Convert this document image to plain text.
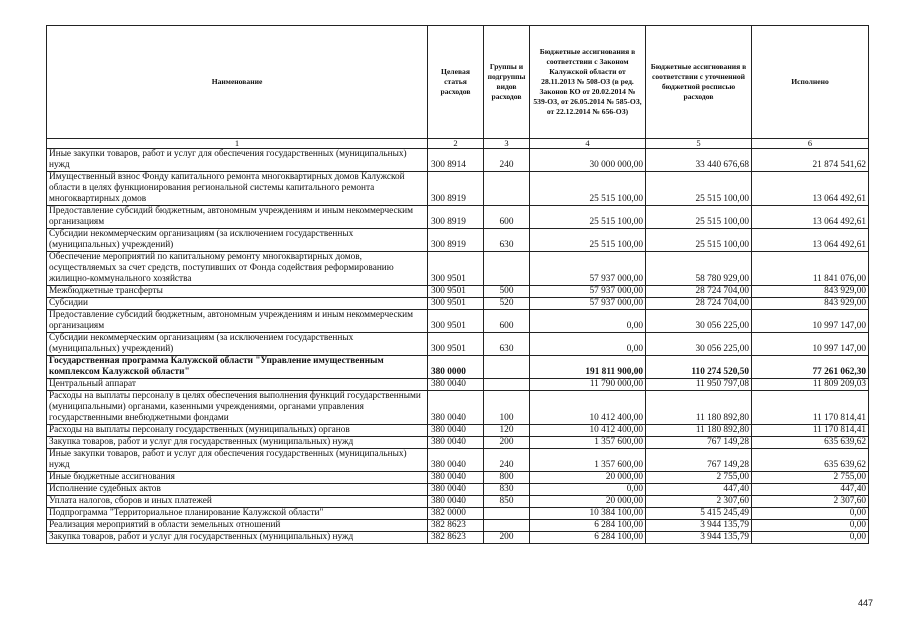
Наименование	Целевая статья расходов	Группы и подгруппы видов расходов	Бюджетные ассигнования в соответствии с Законом Калужской области от 28.11.2013 № 508-ОЗ (в ред. Законов КО от 20.02.2014 № 539-ОЗ, от 26.05.2014 № 585-ОЗ, от 22.12.2014 № 656-ОЗ)	Бюджетные ассигнования в соответствии с уточненной бюджетной росписью расходов	Исполнено
1	2	3	4	5	6
Иные закупки товаров, работ и услуг для обеспечения государственных (муниципальных) нужд	300 8914	240	30 000 000,00	33 440 676,68	21 874 541,62
Имущественный взнос Фонду капитального ремонта многоквартирных домов Калужской области в целях функционирования региональной системы капитального ремонта многоквартирных домов	300 8919		25 515 100,00	25 515 100,00	13 064 492,61
Предоставление субсидий бюджетным, автономным учреждениям и иным некоммерческим организациям	300 8919	600	25 515 100,00	25 515 100,00	13 064 492,61
Субсидии некоммерческим организациям (за исключением государственных (муниципальных) учреждений)	300 8919	630	25 515 100,00	25 515 100,00	13 064 492,61
Обеспечение мероприятий по капитальному ремонту многоквартирных домов, осуществляемых за счет средств, поступивших от Фонда содействия реформированию жилищно-коммунального хозяйства	300 9501		57 937 000,00	58 780 929,00	11 841 076,00
Межбюджетные трансферты	300 9501	500	57 937 000,00	28 724 704,00	843 929,00
Субсидии	300 9501	520	57 937 000,00	28 724 704,00	843 929,00
Предоставление субсидий бюджетным, автономным учреждениям и иным некоммерческим организациям	300 9501	600	0,00	30 056 225,00	10 997 147,00
Субсидии некоммерческим организациям (за исключением государственных (муниципальных) учреждений)	300 9501	630	0,00	30 056 225,00	10 997 147,00
Государственная программа Калужской области "Управление имущественным комплексом Калужской области"	380 0000		191 811 900,00	110 274 520,50	77 261 062,30
Центральный аппарат	380 0040		11 790 000,00	11 950 797,08	11 809 209,03
Расходы на выплаты персоналу в целях обеспечения выполнения функций государственными (муниципальными) органами, казенными учреждениями, органами управления государственными внебюджетными фондами	380 0040	100	10 412 400,00	11 180 892,80	11 170 814,41
Расходы на выплаты персоналу государственных (муниципальных) органов	380 0040	120	10 412 400,00	11 180 892,80	11 170 814,41
Закупка товаров, работ и услуг для государственных (муниципальных) нужд	380 0040	200	1 357 600,00	767 149,28	635 639,62
Иные закупки товаров, работ и услуг для обеспечения государственных (муниципальных) нужд	380 0040	240	1 357 600,00	767 149,28	635 639,62
Иные бюджетные ассигнования	380 0040	800	20 000,00	2 755,00	2 755,00
Исполнение судебных актов	380 0040	830	0,00	447,40	447,40
Уплата налогов, сборов и иных платежей	380 0040	850	20 000,00	2 307,60	2 307,60
Подпрограмма "Территориальное планирование Калужской области"	382 0000		10 384 100,00	5 415 245,49	0,00
Реализация мероприятий в области земельных отношений	382 8623		6 284 100,00	3 944 135,79	0,00
Закупка товаров, работ и услуг для государственных (муниципальных) нужд	382 8623	200	6 284 100,00	3 944 135,79	0,00
447
